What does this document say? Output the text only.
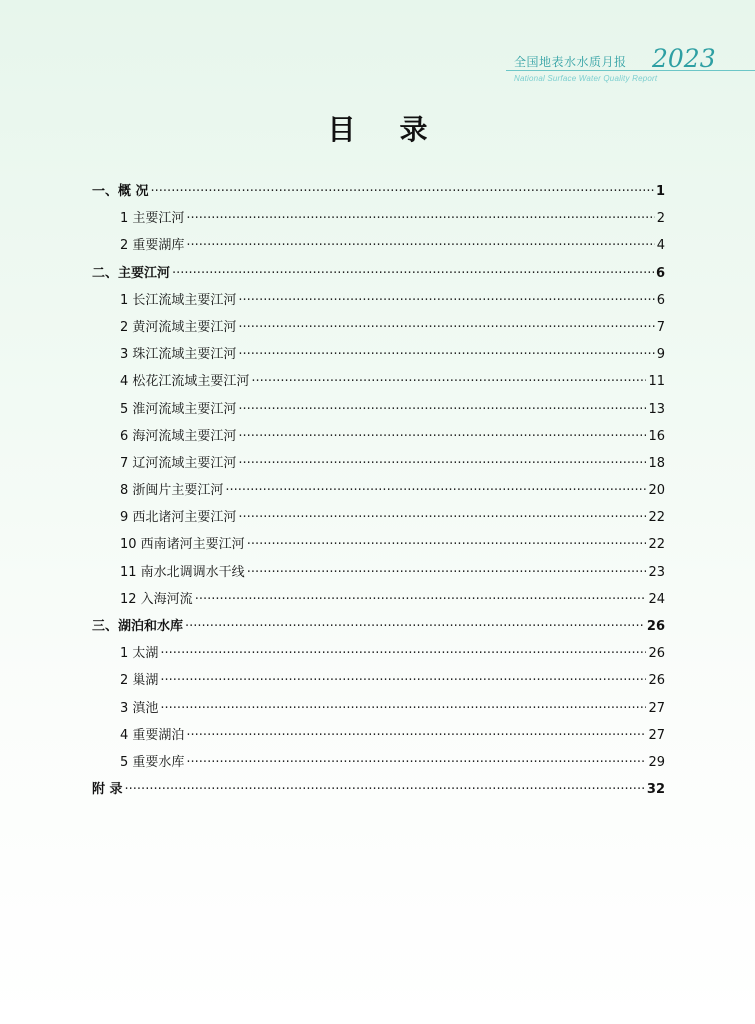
全国地表水水质月报 2023
National Surface Water Quality Report
目录
一、概 况 ·····	1
1 主要江河 ·····	2
2 重要湖库 ·····	4
二、主要江河 ·····	6
1 长江流域主要江河 ·····	6
2 黄河流域主要江河 ·····	7
3 珠江流域主要江河 ·····	9
4 松花江流域主要江河 ·····	11
5 淮河流域主要江河 ·····	13
6 海河流域主要江河 ·····	16
7 辽河流域主要江河 ·····	18
8 浙闽片主要江河 ·····	20
9 西北诸河主要江河 ·····	22
10 西南诸河主要江河 ·····	22
11 南水北调调水干线 ·····	23
12 入海河流 ·····	24
三、湖泊和水库 ·····	26
1 太湖 ·····	26
2 巢湖 ·····	26
3 滇池 ·····	27
4 重要湖泊 ·····	27
5 重要水库 ·····	29
附 录 ·····	32
